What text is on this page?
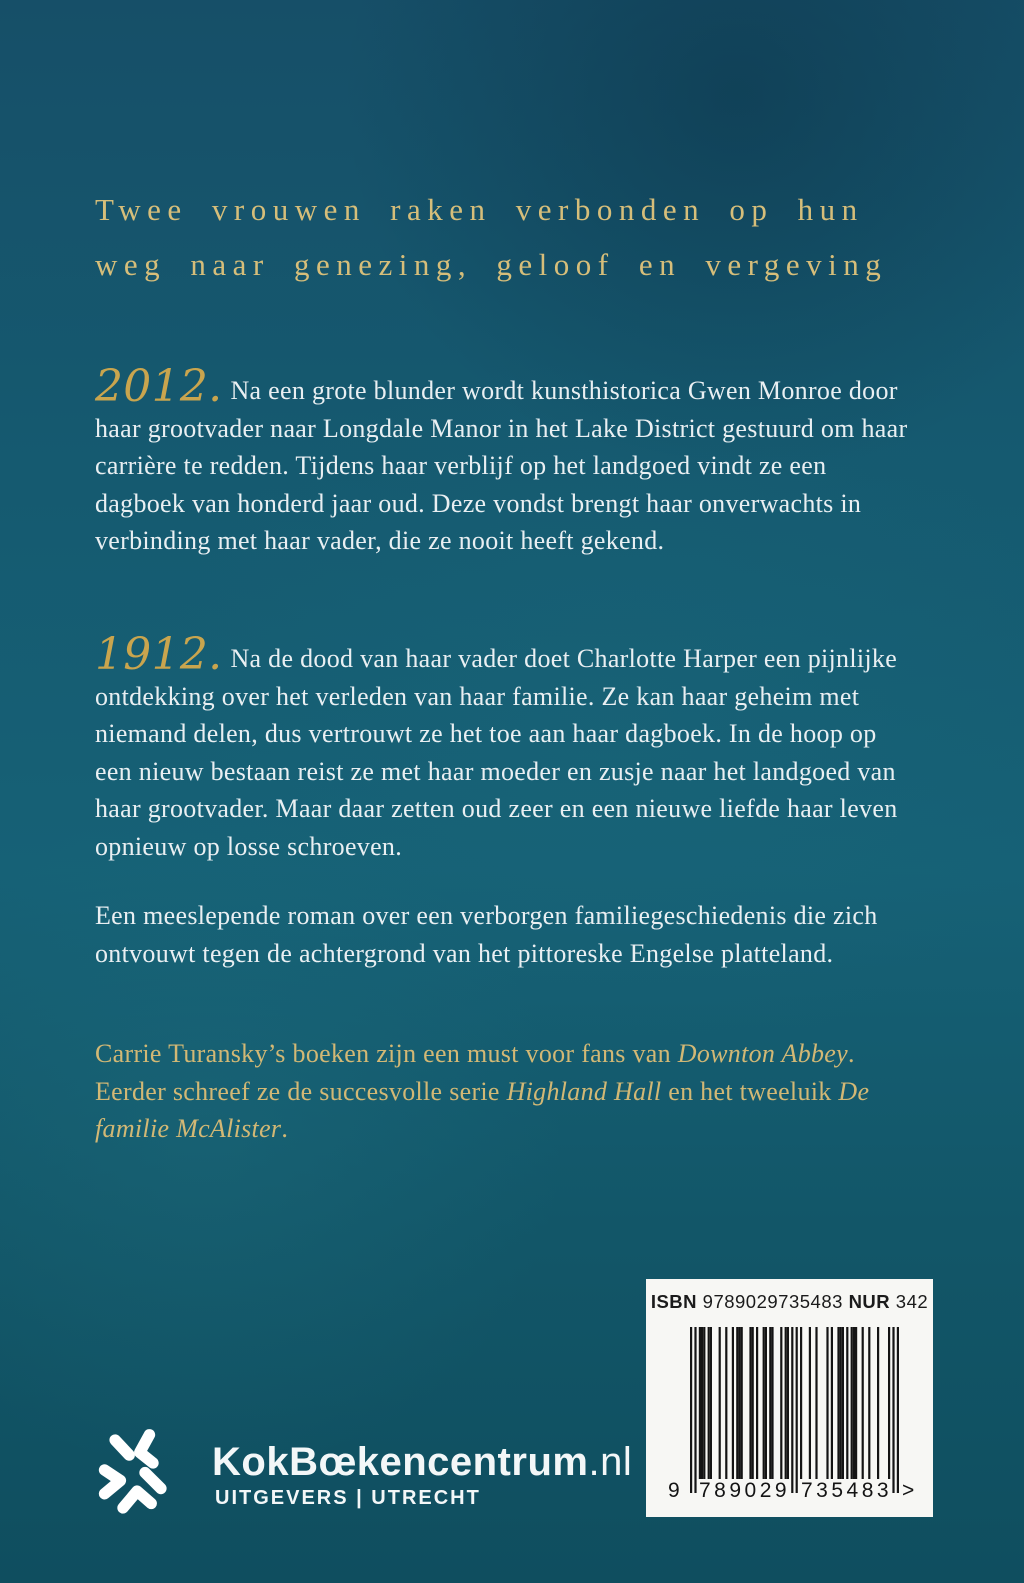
Twee vrouwen raken verbonden op hun
weg naar genezing, geloof en vergeving

2012. Na een grote blunder wordt kunsthistorica Gwen Monroe door haar grootvader naar Longdale Manor in het Lake District gestuurd om haar carrière te redden. Tijdens haar verblijf op het landgoed vindt ze een dagboek van honderd jaar oud. Deze vondst brengt haar onverwachts in verbinding met haar vader, die ze nooit heeft gekend.

1912. Na de dood van haar vader doet Charlotte Harper een pijnlijke ontdekking over het verleden van haar familie. Ze kan haar geheim met niemand delen, dus vertrouwt ze het toe aan haar dagboek. In de hoop op een nieuw bestaan reist ze met haar moeder en zusje naar het landgoed van haar grootvader. Maar daar zetten oud zeer en een nieuwe liefde haar leven opnieuw op losse schroeven.

Een meeslepende roman over een verborgen familiegeschiedenis die zich ontvouwt tegen de achtergrond van het pittoreske Engelse platteland.

Carrie Turansky’s boeken zijn een must voor fans van Downton Abbey. Eerder schreef ze de succesvolle serie Highland Hall en het tweeluik De familie McAlister.

KokBœkencentrum.nl
UITGEVERS | UTRECHT
ISBN 9789029735483 NUR 342
9 789029 735483 >
